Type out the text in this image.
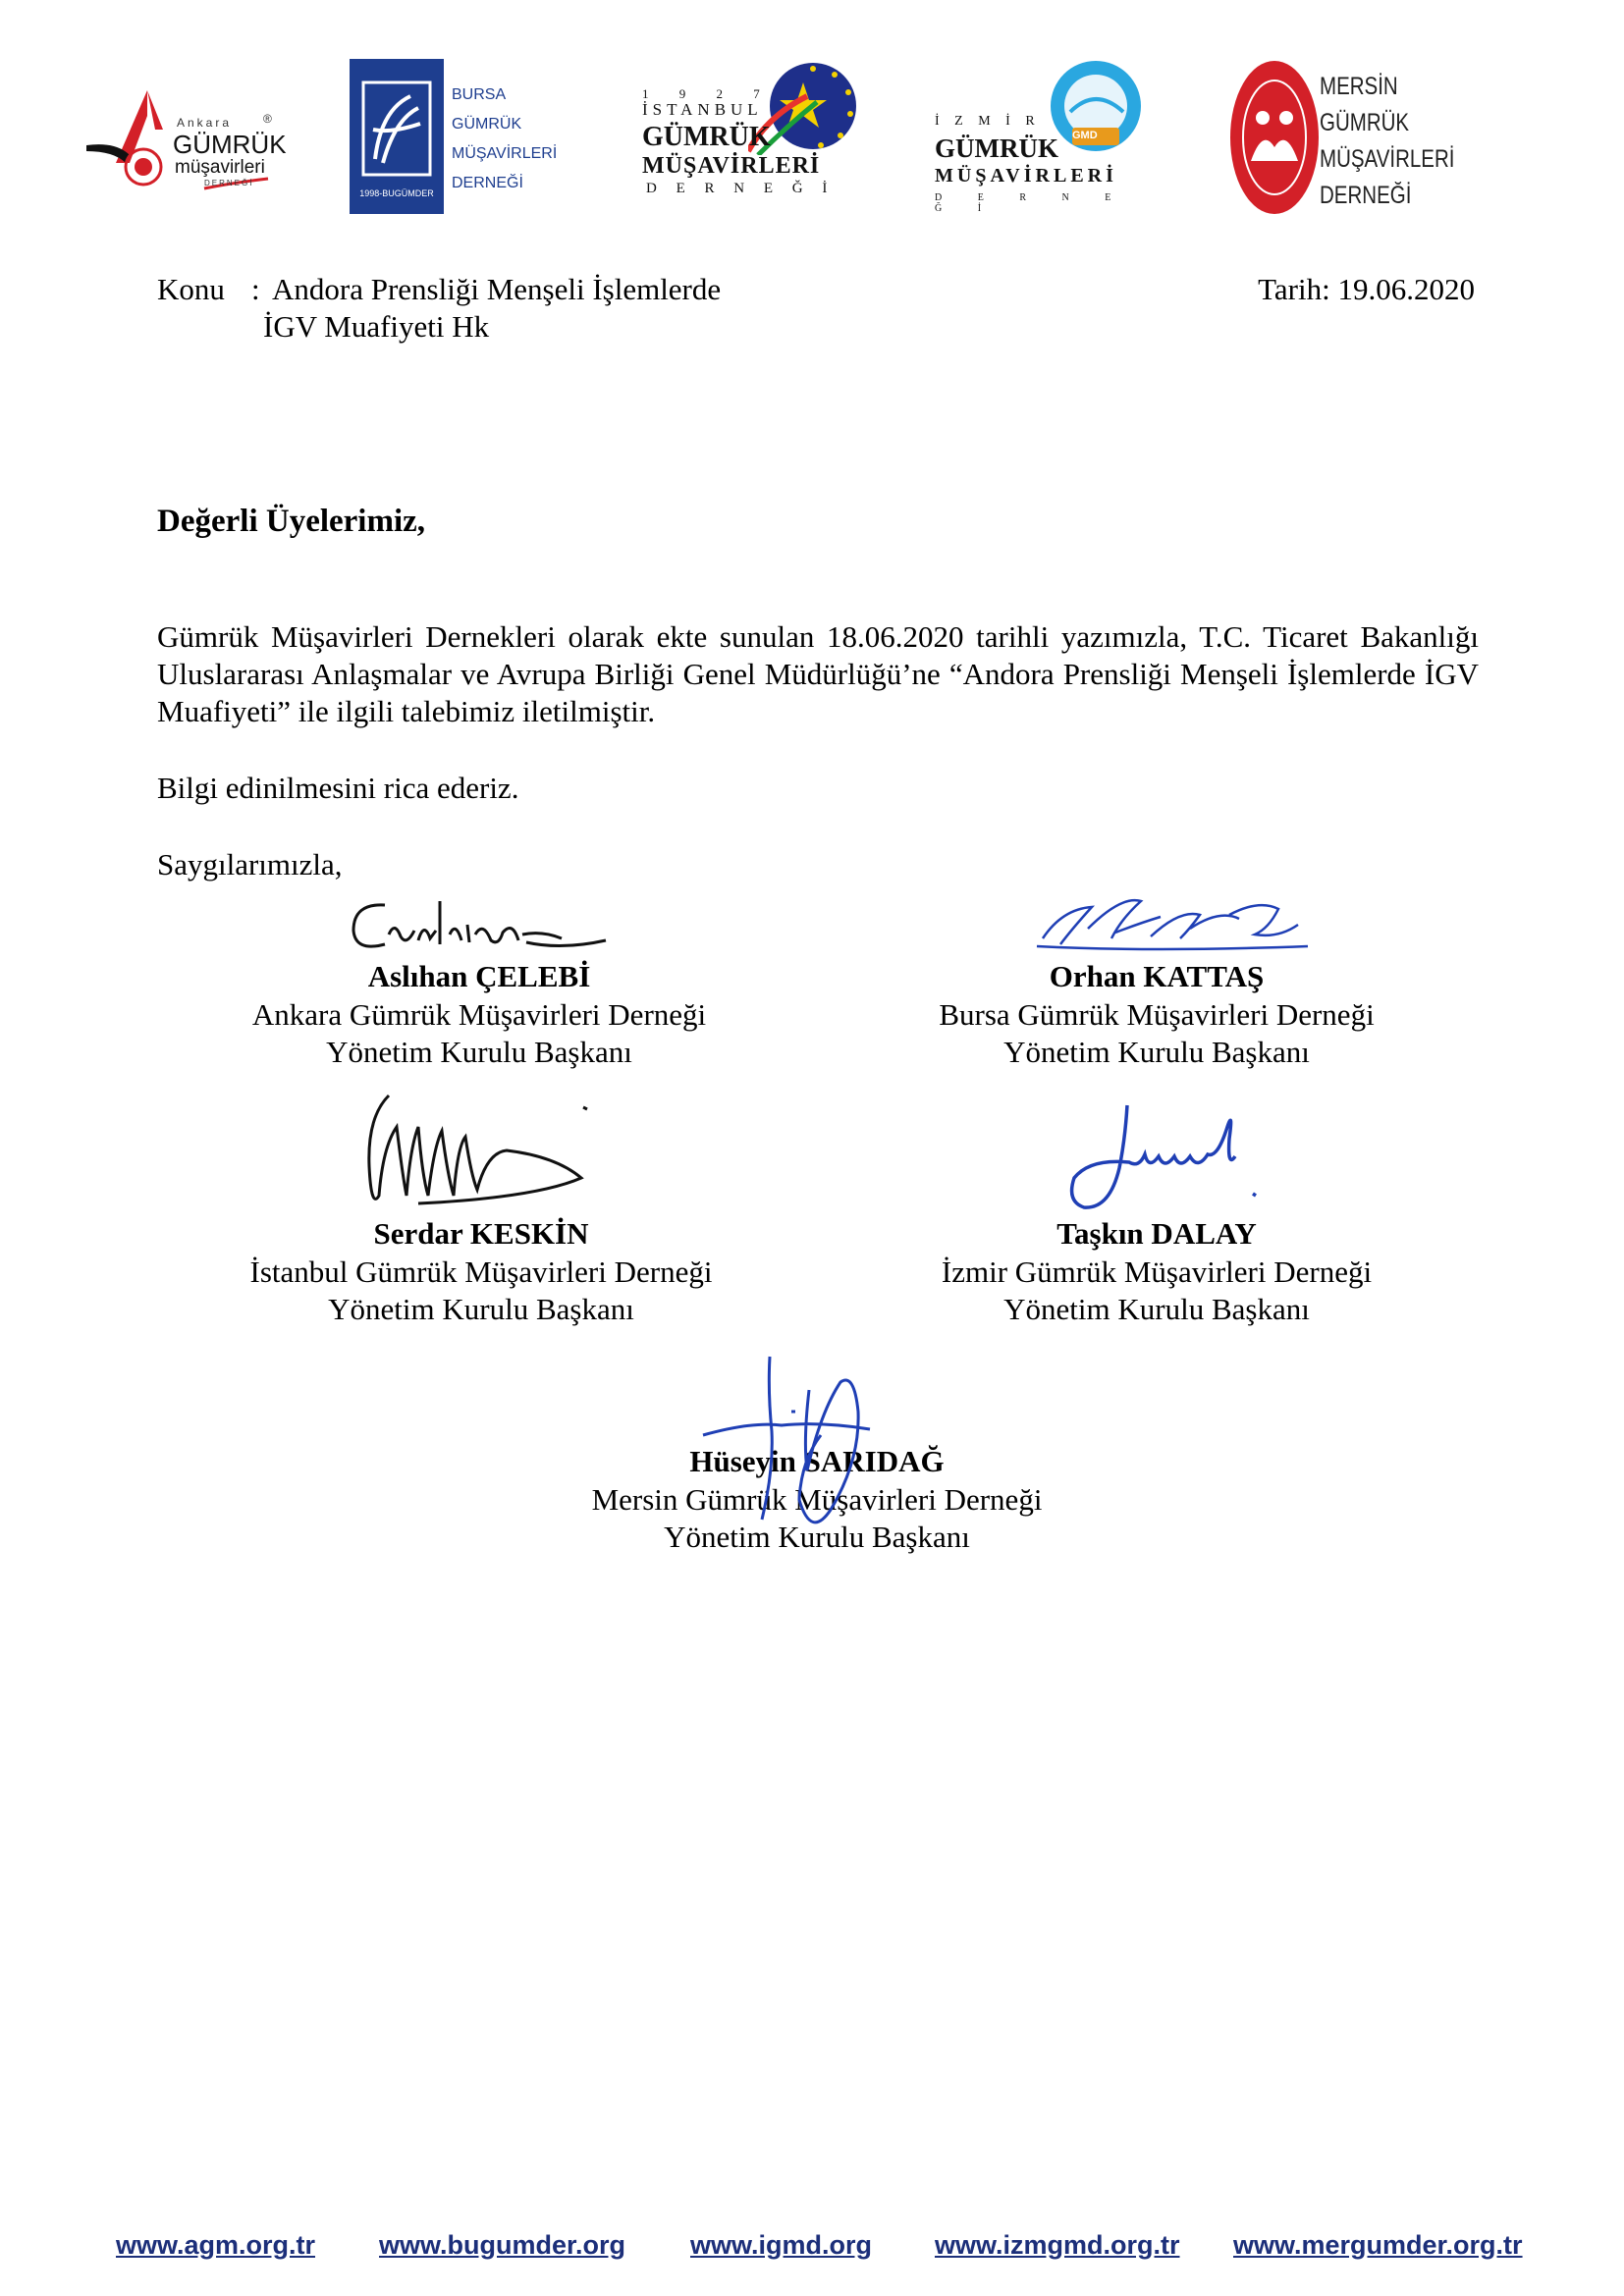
Ankara	®
GÜMRÜK
müşavirleri
DERNEĞİ
1998-BUGÜMDER
BURSA
GÜMRÜK
MÜŞAVİRLERİ
DERNEĞİ
1 9 2 7
İSTANBUL
GÜMRÜK
MÜŞAVİRLERİ
D E R N E Ğ İ
GMD
İ Z M İ R
GÜMRÜK
MÜŞAVİRLERİ
D E R N E Ğ İ
MERSİN
GÜMRÜK
MÜŞAVİRLERİ
DERNEĞİ
Konu : Andora Prensliği Menşeli İşlemlerde
İGV Muafiyeti Hk
Tarih: 19.06.2020
Değerli Üyelerimiz,
Gümrük Müşavirleri Dernekleri olarak ekte sunulan 18.06.2020 tarihli yazımızla, T.C. Ticaret Bakanlığı Uluslararası Anlaşmalar ve Avrupa Birliği Genel Müdürlüğü’ne “Andora Prensliği Menşeli İşlemlerde İGV Muafiyeti” ile ilgili talebimiz iletilmiştir.
Bilgi edinilmesini rica ederiz.
Saygılarımızla,
Aslıhan ÇELEBİ
Ankara Gümrük Müşavirleri Derneği
Yönetim Kurulu Başkanı
Orhan KATTAŞ
Bursa Gümrük Müşavirleri Derneği
Yönetim Kurulu Başkanı
Serdar KESKİN
İstanbul Gümrük Müşavirleri Derneği
Yönetim Kurulu Başkanı
Taşkın DALAY
İzmir Gümrük Müşavirleri Derneği
Yönetim Kurulu Başkanı
Hüseyin SARIDAĞ
Mersin Gümrük Müşavirleri Derneği
Yönetim Kurulu Başkanı
www.agm.org.tr www.bugumder.org www.igmd.org www.izmgmd.org.tr www.mergumder.org.tr
